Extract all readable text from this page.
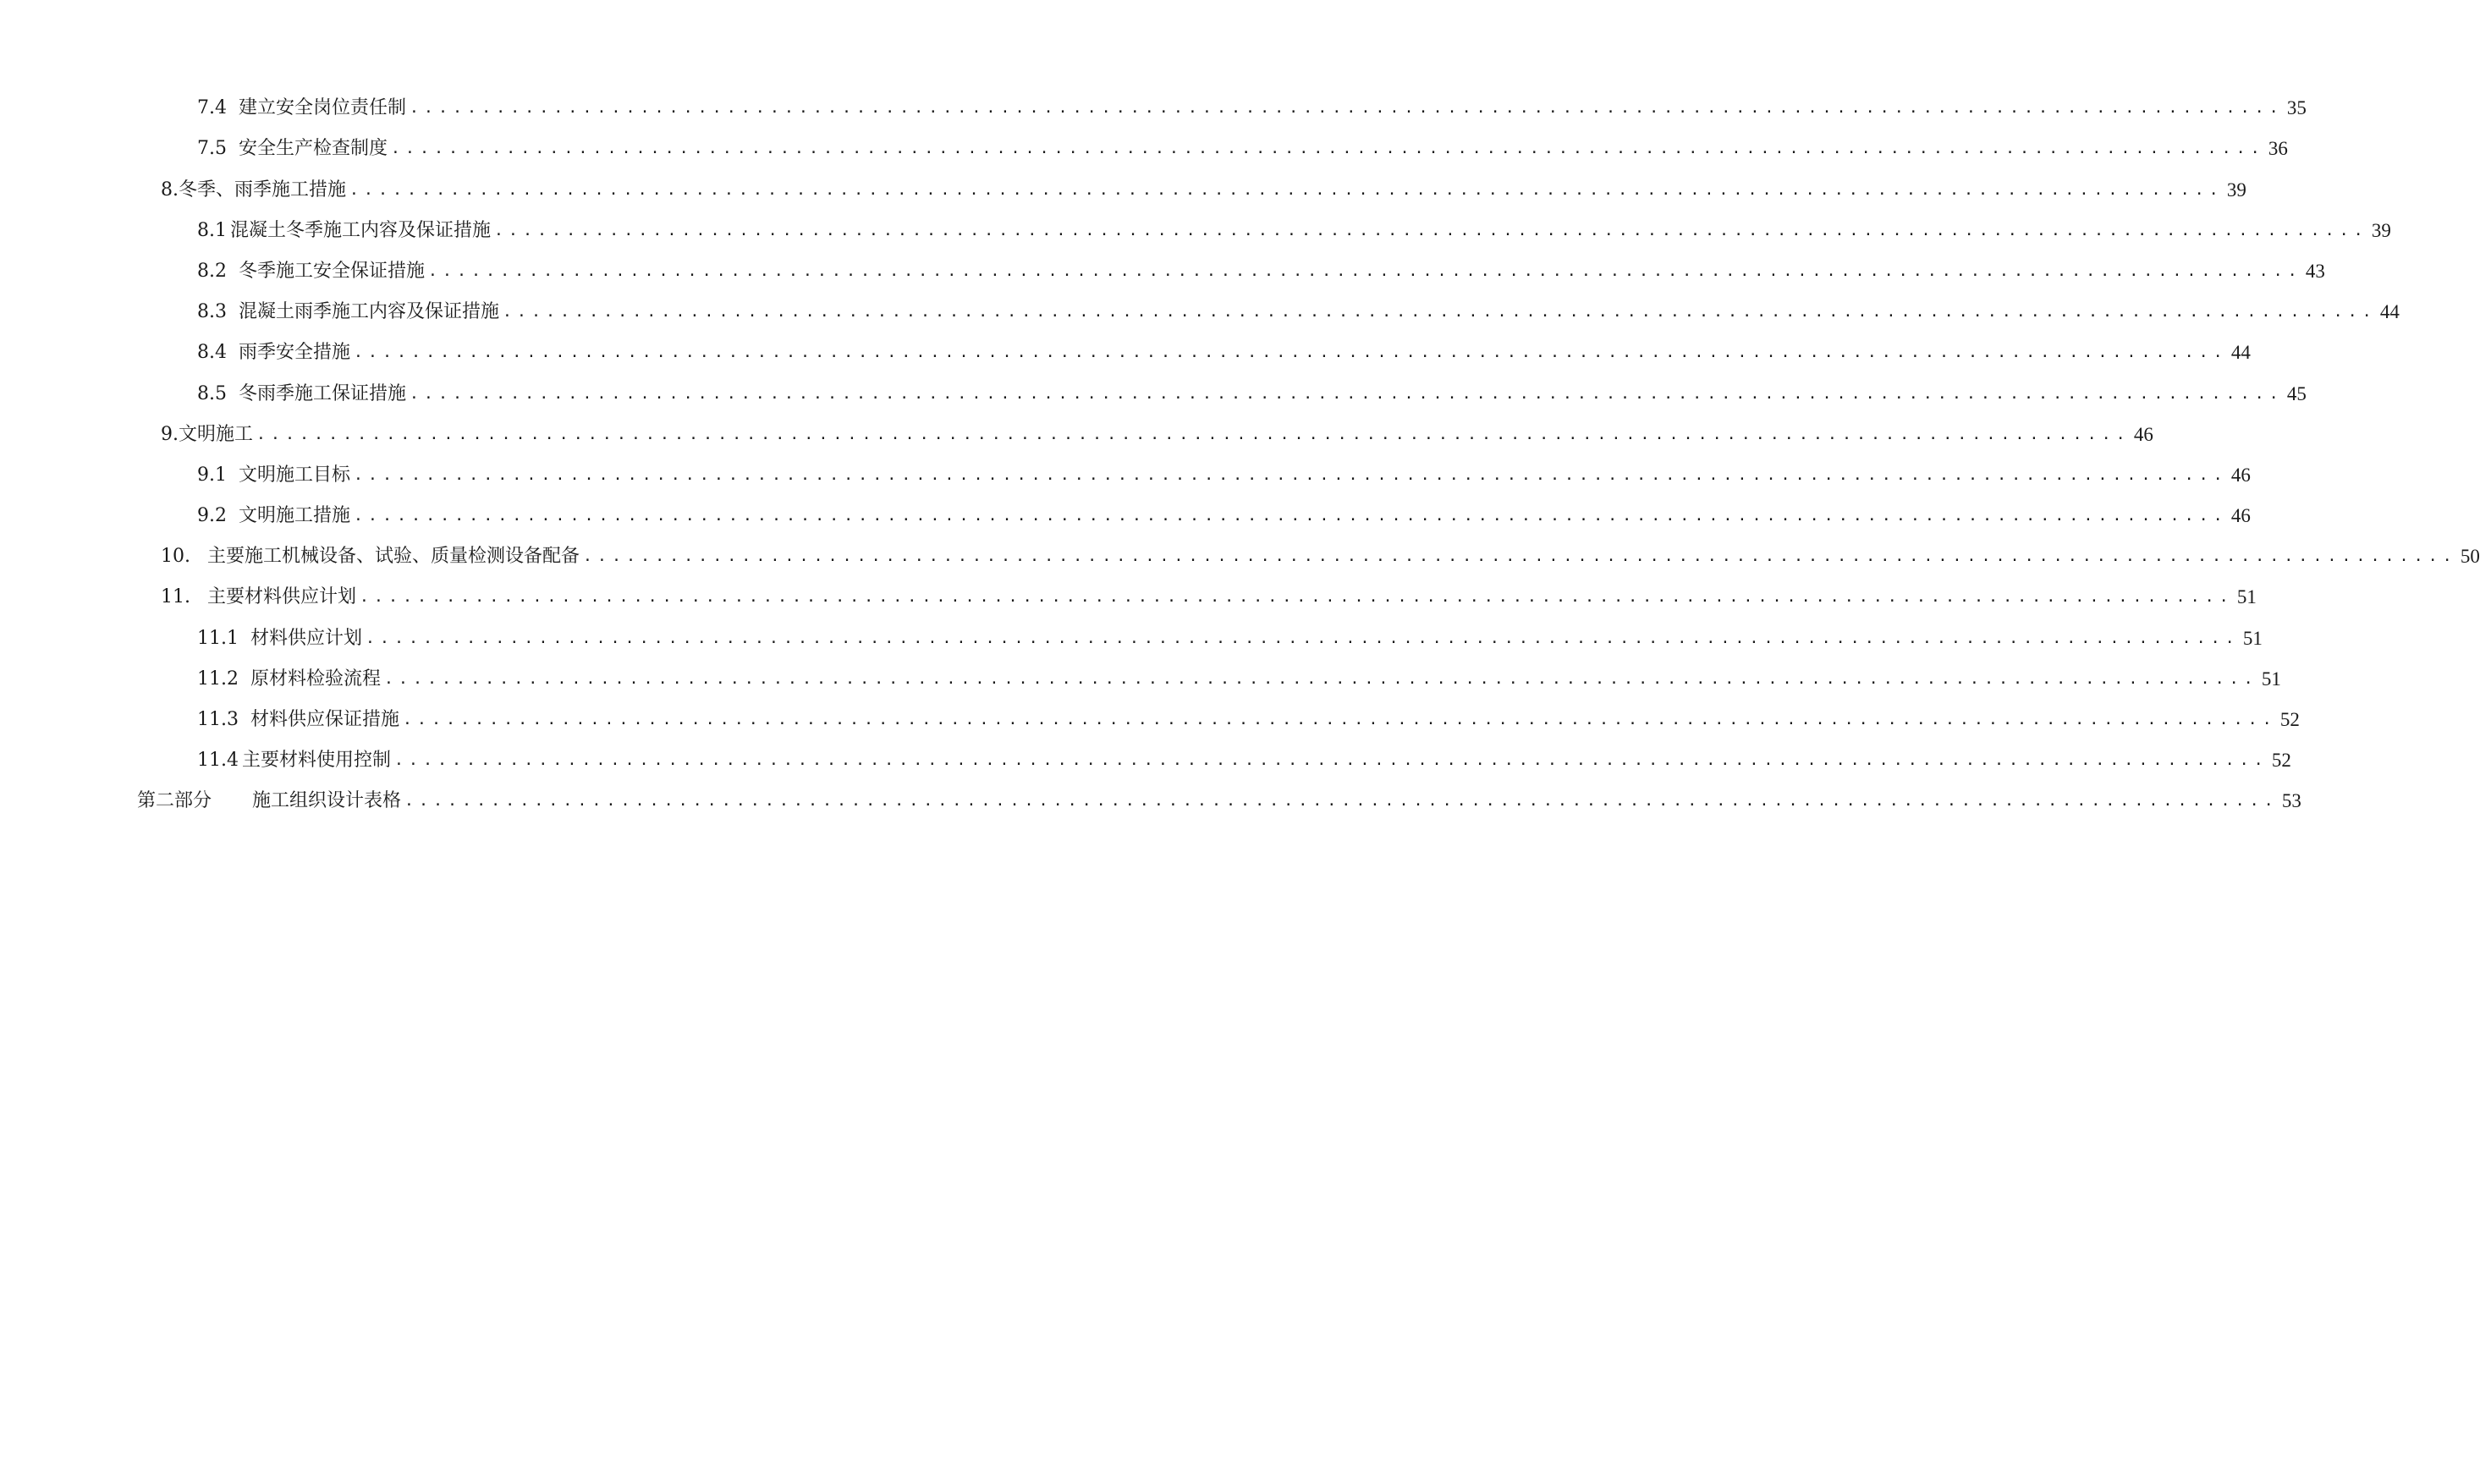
7.4 建立安全岗位责任制 .................................................................................................................................. 35
7.5 安全生产检查制度 .................................................................................................................................. 36
8. 冬季、雨季施工措施 .................................................................................................................................. 39
8.1 混凝土冬季施工内容及保证措施 .................................................................................................................................. 39
8.2 冬季施工安全保证措施 .................................................................................................................................. 43
8.3 混凝土雨季施工内容及保证措施 .................................................................................................................................. 44
8.4 雨季安全措施 .................................................................................................................................. 44
8.5 冬雨季施工保证措施 .................................................................................................................................. 45
9. 文明施工 .................................................................................................................................. 46
9.1 文明施工目标 .................................................................................................................................. 46
9.2 文明施工措施 .................................................................................................................................. 46
10. 主要施工机械设备、试验、质量检测设备配备 .................................................................................................................................. 50
11. 主要材料供应计划 .................................................................................................................................. 51
11.1 材料供应计划 .................................................................................................................................. 51
11.2 原材料检验流程 .................................................................................................................................. 51
11.3 材料供应保证措施 .................................................................................................................................. 52
11.4 主要材料使用控制 .................................................................................................................................. 52
第二部分 施工组织设计表格 .................................................................................................................................. 53
